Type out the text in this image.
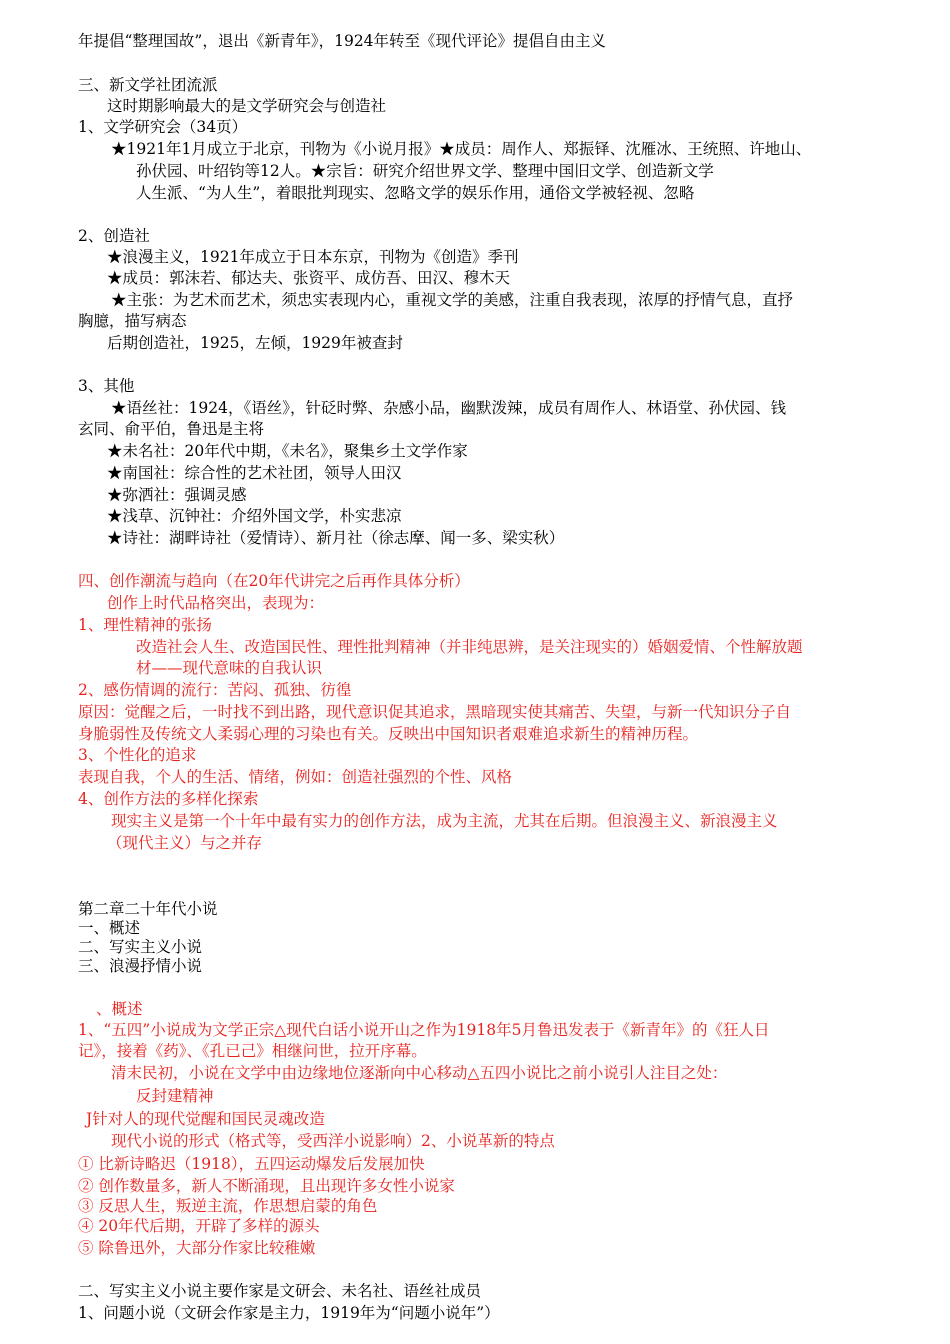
年提倡“整理国故”，退出《新青年》，1924年转至《现代评论》提倡自由主义
三、新文学社团流派
这时期影响最大的是文学研究会与创造社
1、文学研究会（34页）
★1921年1月成立于北京，刊物为《小说月报》★成员：周作人、郑振铎、沈雁冰、王统照、许地山、
孙伏园、叶绍钧等12人。★宗旨：研究介绍世界文学、整理中国旧文学、创造新文学
人生派、“为人生”，着眼批判现实、忽略文学的娱乐作用，通俗文学被轻视、忽略
2、创造社
★浪漫主义，1921年成立于日本东京，刊物为《创造》季刊
★成员：郭沫若、郁达夫、张资平、成仿吾、田汉、穆木天
★主张：为艺术而艺术，须忠实表现内心，重视文学的美感，注重自我表现，浓厚的抒情气息，直抒
胸臆，描写病态
后期创造社，1925，左倾，1929年被查封
3、其他
★语丝社：1924，《语丝》，针砭时弊、杂感小品，幽默泼辣，成员有周作人、林语堂、孙伏园、钱
玄同、俞平伯，鲁迅是主将
★未名社：20年代中期，《未名》，聚集乡土文学作家
★南国社：综合性的艺术社团，领导人田汉
★弥洒社：强调灵感
★浅草、沉钟社：介绍外国文学，朴实悲凉
★诗社：湖畔诗社（爱情诗）、新月社（徐志摩、闻一多、梁实秋）
四、创作潮流与趋向（在20年代讲完之后再作具体分析）
创作上时代品格突出，表现为：
1、理性精神的张扬
改造社会人生、改造国民性、理性批判精神（并非纯思辨，是关注现实的）婚姻爱情、个性解放题
材——现代意味的自我认识
2、感伤情调的流行：苦闷、孤独、彷徨
原因：觉醒之后，一时找不到出路，现代意识促其追求，黑暗现实使其痛苦、失望，与新一代知识分子自
身脆弱性及传统文人柔弱心理的习染也有关。反映出中国知识者艰难追求新生的精神历程。
3、个性化的追求
表现自我，个人的生活、情绪，例如：创造社强烈的个性、风格
4、创作方法的多样化探索
现实主义是第一个十年中最有实力的创作方法，成为主流，尤其在后期。但浪漫主义、新浪漫主义
（现代主义）与之并存
第二章二十年代小说
一、概述
二、写实主义小说
三、浪漫抒情小说
、概述
1、“五四”小说成为文学正宗△现代白话小说开山之作为1918年5月鲁迅发表于《新青年》的《狂人日
记》，接着《药》、《孔已己》相继问世，拉开序幕。
清末民初，小说在文学中由边缘地位逐渐向中心移动△五四小说比之前小说引人注目之处：
反封建精神
J针对人的现代觉醒和国民灵魂改造
现代小说的形式（格式等，受西洋小说影响）2、小说革新的特点
① 比新诗略迟（1918），五四运动爆发后发展加快
② 创作数量多，新人不断涌现，且出现许多女性小说家
③ 反思人生，叛逆主流，作思想启蒙的角色
④ 20年代后期，开辟了多样的源头
⑤ 除鲁迅外，大部分作家比较稚嫩
二、写实主义小说主要作家是文研会、未名社、语丝社成员
1、问题小说（文研会作家是主力，1919年为“问题小说年”）
